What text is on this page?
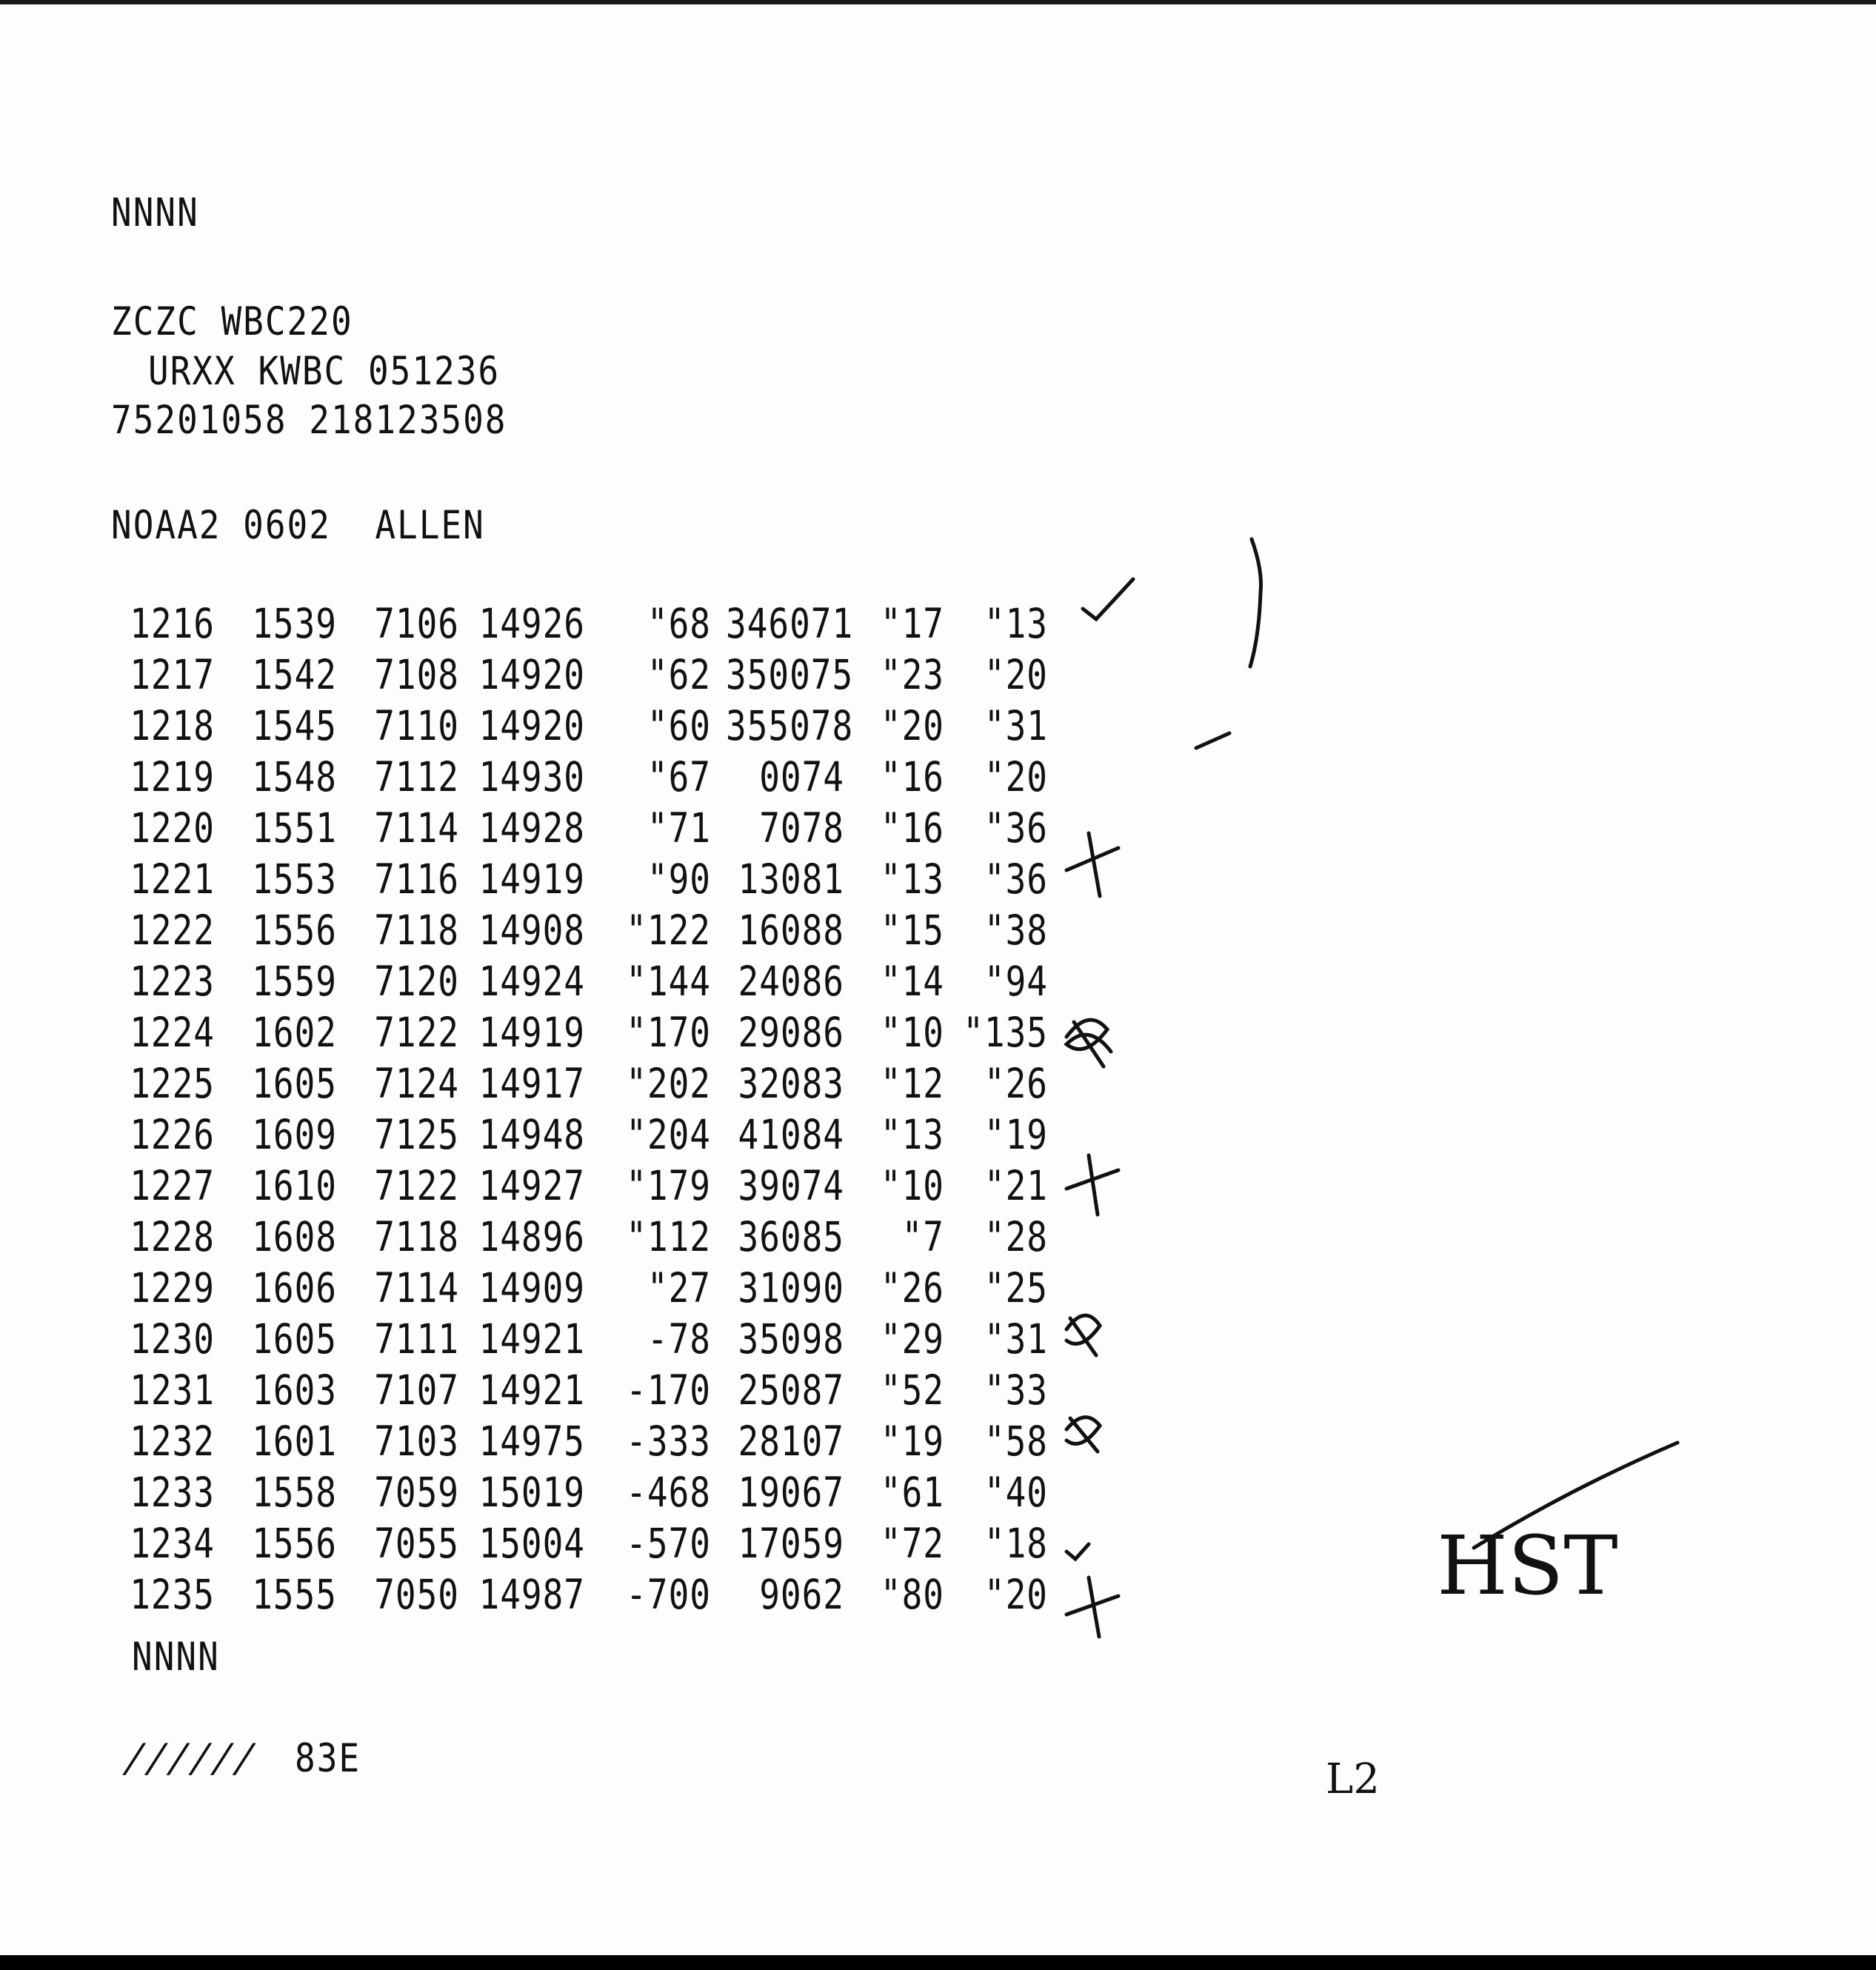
NNNN
ZCZC WBC220
URXX KWBC 051236
75201058 218123508
NOAA2 0602  ALLEN
1216	1539	7106 14926	"68 346071 "17	"13
1217	1542	7108 14920	"62 350075 "23	"20
1218	1545	7110 14920	"60 355078 "20	"31
1219	1548	7112 14930	"67	0074	"16	"20
1220	1551	7114 14928	"71	7078	"16	"36
1221	1553	7116 14919	"90 13081	"13	"36
1222	1556	7118 14908	"122 16088	"15	"38
1223	1559	7120 14924	"144 24086	"14	"94
1224	1602	7122 14919	"170 29086	"10 "135
1225	1605	7124 14917	"202 32083	"12	"26
1226	1609	7125 14948	"204 41084	"13	"19
1227	1610	7122 14927	"179 39074	"10	"21
1228	1608	7118 14896	"112 36085	"7	"28
1229	1606	7114 14909	"27 31090	"26	"25
1230	1605	7111 14921	-78 35098	"29	"31
1231	1603	7107 14921	-170 25087	"52	"33
1232	1601	7103 14975	-333 28107	"19	"58
1233	1558	7059 15019	-468 19067	"61	"40
1234	1556	7055 15004	-570 17059	"72	"18
1235	1555	7050 14987	-700	9062	"80	"20
NNNN
////// 83E
HST
L2
